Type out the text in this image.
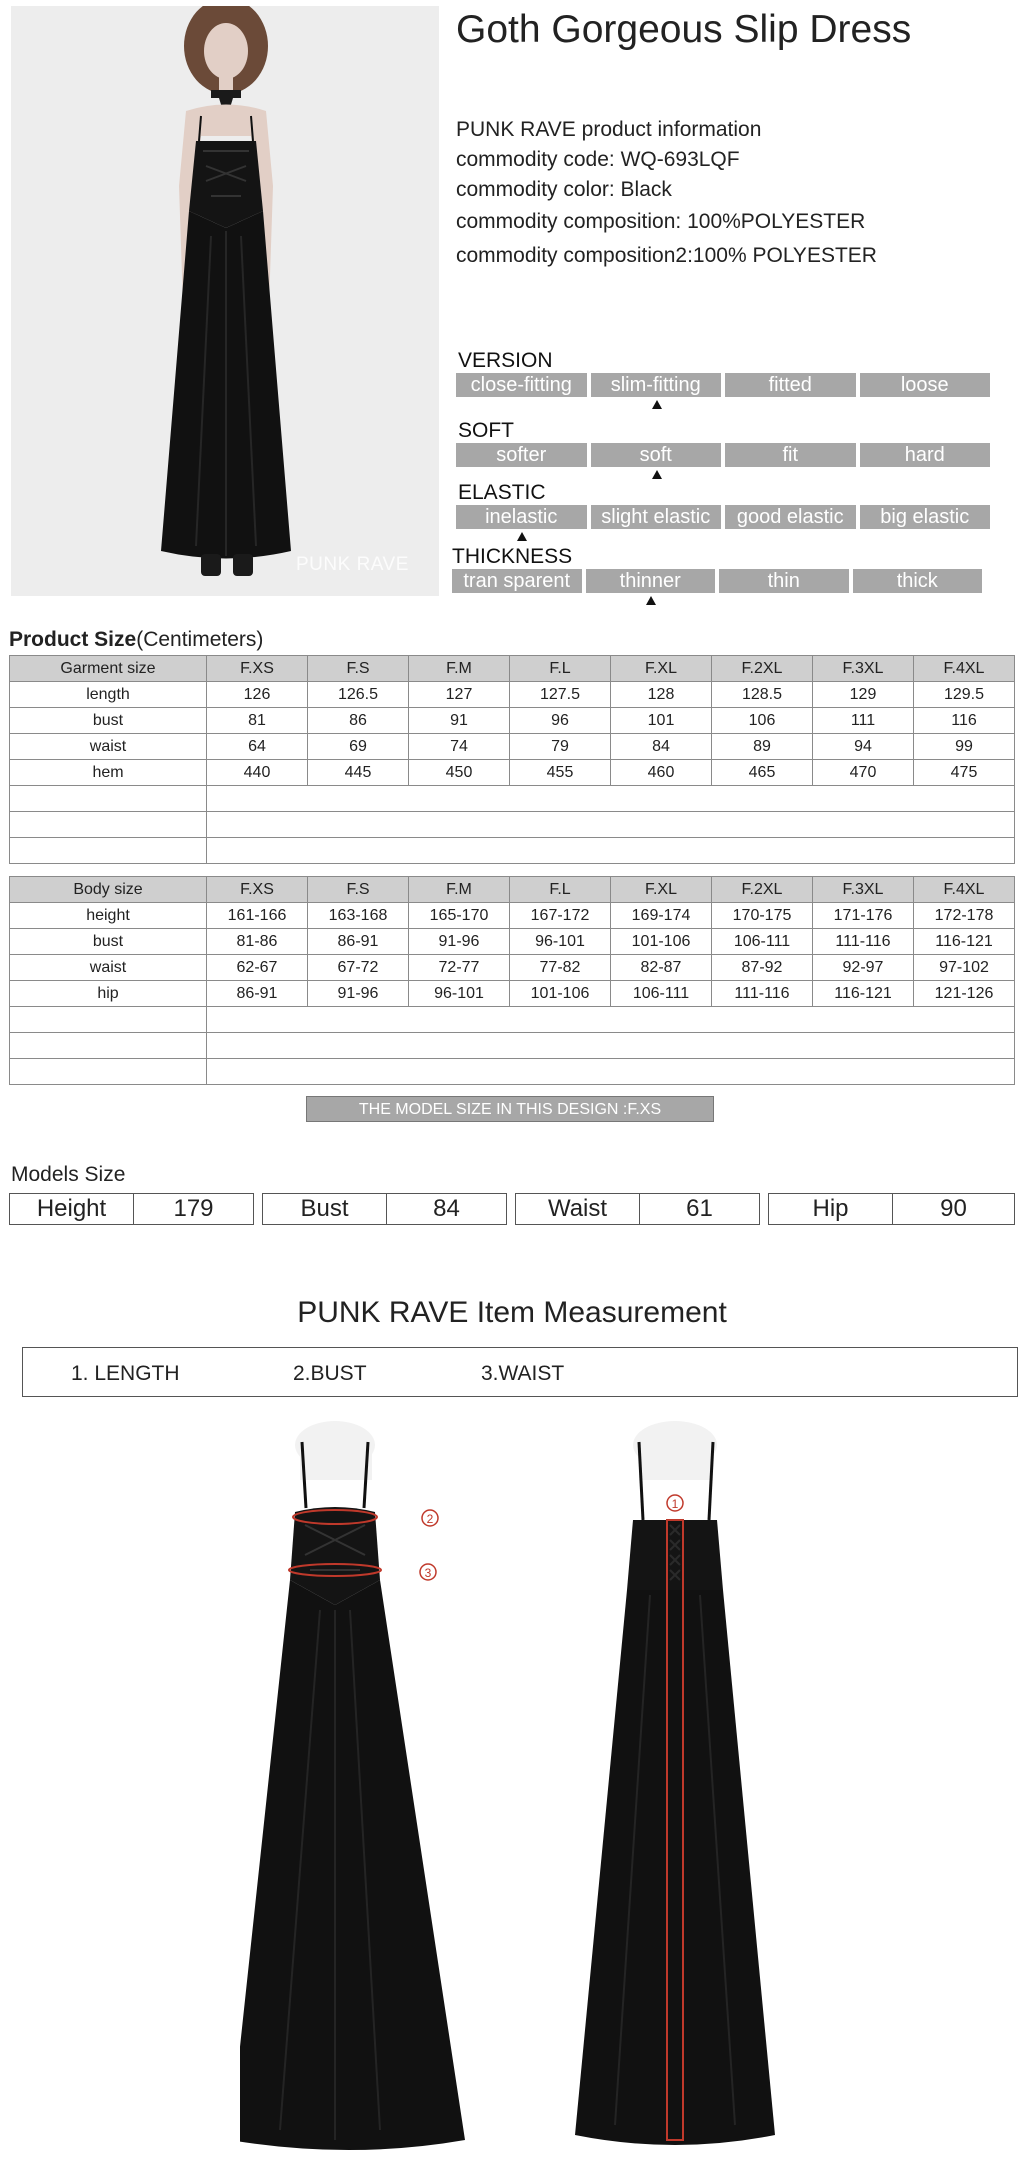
PUNK RAVE
Goth Gorgeous Slip Dress
PUNK RAVE product information
commodity code: WQ-693LQF
commodity color: Black
commodity composition: 100%POLYESTER
commodity composition2:100% POLYESTER
VERSION
close-fitting	slim-fitting	fitted	loose
SOFT
softer	soft	fit	hard
ELASTIC
inelastic	slight elastic	good elastic	big elastic
THICKNESS
tran sparent	thinner	thin	thick
Product Size(Centimeters)
Garment size	F.XS	F.S	F.M	F.L	F.XL	F.2XL	F.3XL	F.4XL
length	126	126.5	127	127.5	128	128.5	129	129.5
bust	81	86	91	96	101	106	111	116
waist	64	69	74	79	84	89	94	99
hem	440	445	450	455	460	465	470	475

Body size	F.XS	F.S	F.M	F.L	F.XL	F.2XL	F.3XL	F.4XL
height	161-166	163-168	165-170	167-172	169-174	170-175	171-176	172-178
bust	81-86	86-91	91-96	96-101	101-106	106-111	111-116	116-121
waist	62-67	67-72	72-77	77-82	82-87	87-92	92-97	97-102
hip	86-91	91-96	96-101	101-106	106-111	111-116	116-121	121-126

THE MODEL SIZE IN THIS DESIGN :F.XS
Models Size
Height	179	Bust	84	Waist	61	Hip	90
PUNK RAVE Item Measurement
1. LENGTH	2.BUST	3.WAIST
2
3
1
